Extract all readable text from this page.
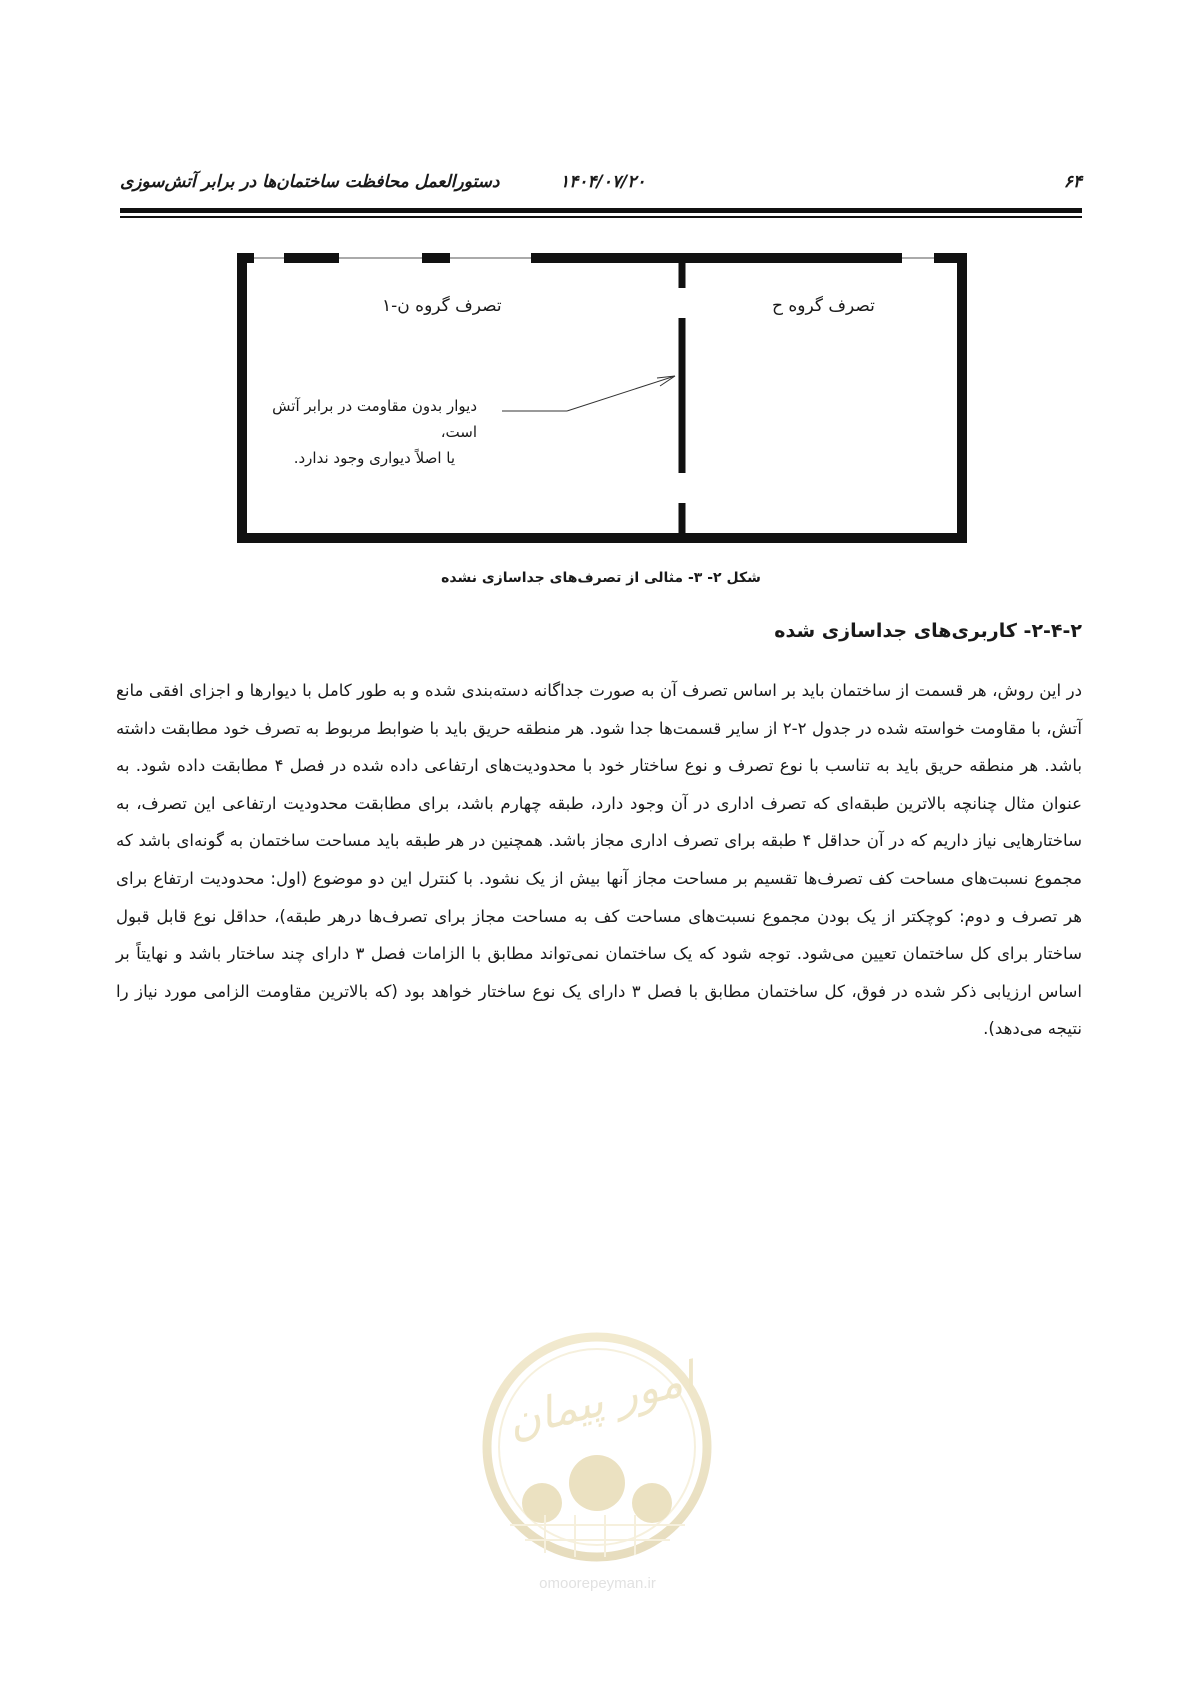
۶۴
۱۴۰۴/۰۷/۲۰
دستورالعمل محافظت ساختمان‌ها در برابر آتش‌سوزی
تصرف گروه ن-۱	تصرف گروه ح
دیوار بدون مقاومت در برابر آتش است،
یا اصلاً دیواری وجود ندارد.
شکل ۲- ۳- مثالی از تصرف‌های جداسازی نشده
۲-۴-۲- کاربری‌های جداسازی شده
در این روش، هر قسمت از ساختمان باید بر اساس تصرف آن به صورت جداگانه دسته‌بندی شده و به طور کامل با دیوارها و اجزای افقی مانع آتش، با مقاومت خواسته شده در جدول ۲-۲ از سایر قسمت‌ها جدا شود. هر منطقه حریق باید با ضوابط مربوط به تصرف خود مطابقت داشته باشد. هر منطقه حریق باید به تناسب با نوع تصرف و نوع ساختار خود با محدودیت‌های ارتفاعی داده شده در فصل ۴ مطابقت داده شود. به عنوان مثال چنانچه بالاترین طبقه‌ای که تصرف اداری در آن وجود دارد، طبقه چهارم باشد، برای مطابقت محدودیت ارتفاعی این تصرف، به ساختارهایی نیاز داریم که در آن حداقل ۴ طبقه برای تصرف اداری مجاز باشد. همچنین در هر طبقه باید مساحت ساختمان به گونه‌ای باشد که مجموع نسبت‌های مساحت کف تصرف‌ها تقسیم بر مساحت مجاز آنها بیش از یک نشود. با کنترل این دو موضوع (اول: محدودیت ارتفاع برای هر تصرف و دوم: کوچکتر از یک بودن مجموع نسبت‌های مساحت کف به مساحت مجاز برای تصرف‌ها درهر طبقه)، حداقل نوع قابل قبول ساختار برای کل ساختمان تعیین می‌شود. توجه شود که یک ساختمان نمی‌تواند مطابق با الزامات فصل ۳ دارای چند ساختار باشد و نهایتاً بر اساس ارزیابی ذکر شده در فوق، کل ساختمان مطابق با فصل ۳ دارای یک نوع ساختار خواهد بود (که بالاترین مقاومت الزامی مورد نیاز را نتیجه می‌دهد).
امور پیمان
omoorepeyman.ir
